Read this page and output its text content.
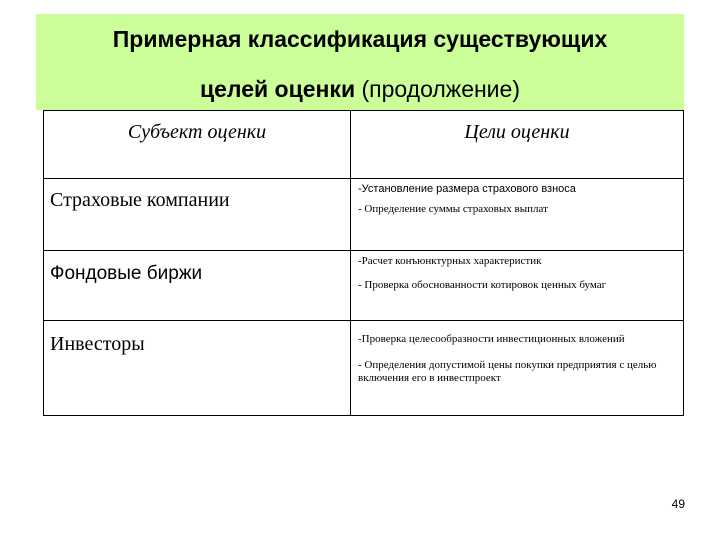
Примерная классификация существующих
целей оценки (продолжение)
Субъект оценки	Цели оценки

Страховые компании	-Установление размера страхового взноса
- Определение суммы страховых выплат

Фондовые биржи	-Расчет конъюнктурных характеристик
- Проверка обоснованности котировок ценных бумаг

Инвесторы	-Проверка целесообразности инвестиционных вложений
- Определения допустимой цены покупки предприятия с целью включения его в инвестпроект
49
